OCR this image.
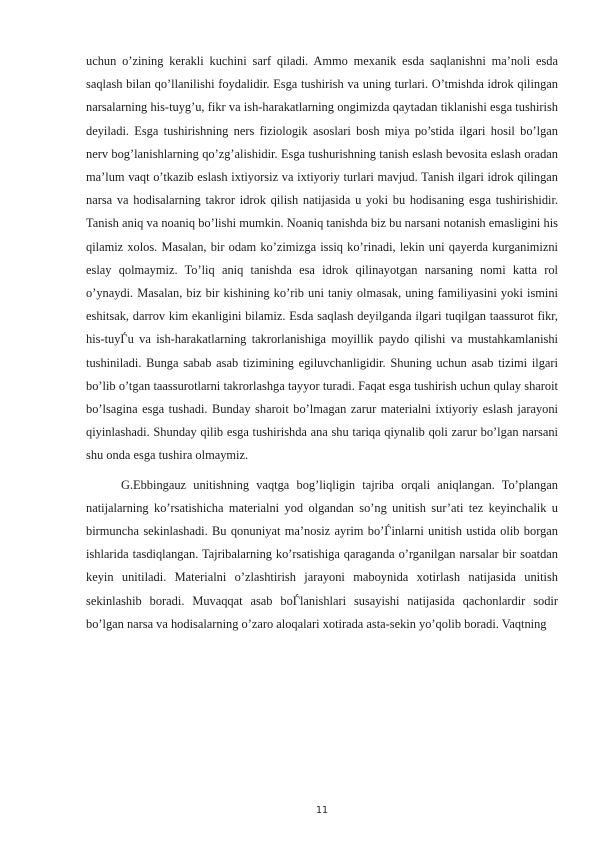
uchun o’zining kerakli kuchini sarf qiladi. Ammo mexanik esda saqlanishni ma’noli esda saqlash bilan qo’llanilishi foydalidir. Esga tushirish va uning turlari. O’tmishda idrok qilingan narsalarning his-tuyg’u, fikr va ish-harakatlarning ongimizda qaytadan tiklanishi esga tushirish deyiladi. Esga tushirishning ners fiziologik asoslari bosh miya po’stida ilgari hosil bo’lgan nerv bog’lanishlarning qo’zg’alishidir. Esga tushurishning tanish eslash bevosita eslash oradan ma’lum vaqt o’tkazib eslash ixtiyorsiz va ixtiyoriy turlari mavjud. Tanish ilgari idrok qilingan narsa va hodisalarning takror idrok qilish natijasida u yoki bu hodisaning esga tushirishidir. Tanish aniq va noaniq bo’lishi mumkin. Noaniq tanishda biz bu narsani notanish emasligini his qilamiz xolos. Masalan, bir odam ko’zimizga issiq ko’rinadi, lekin uni qayerda kurganimizni eslay qolmaymiz. To’liq aniq tanishda esa idrok qilinayotgan narsaning nomi katta rol o’ynaydi. Masalan, biz bir kishining ko’rib uni taniy olmasak, uning familiyasini yoki ismini eshitsak, darrov kim ekanligini bilamiz. Esda saqlash deyilganda ilgari tuqilgan taassurot fikr, his-tuyЃu va ish-harakatlarning takrorlanishiga moyillik paydo qilishi va mustahkamlanishi tushiniladi. Bunga sabab asab tizimining egiluvchanligidir. Shuning uchun asab tizimi ilgari bo’lib o’tgan taassurotlarni takrorlashga tayyor turadi. Faqat esga tushirish uchun qulay sharoit bo’lsagina esga tushadi. Bunday sharoit bo’lmagan zarur materialni ixtiyoriy eslash jarayoni qiyinlashadi. Shunday qilib esga tushirishda ana shu tariqa qiynalib qoli zarur bo’lgan narsani shu onda esga tushira olmaymiz.

G.Ebbingauz unitishning vaqtga bog’liqligin tajriba orqali aniqlangan. To’plangan natijalarning ko’rsatishicha materialni yod olgandan so’ng unitish sur’ati tez keyinchalik u birmuncha sekinlashadi. Bu qonuniyat ma’nosiz ayrim bo’Ѓinlarni unitish ustida olib borgan ishlarida tasdiqlangan. Tajribalarning ko’rsatishiga qaraganda o’rganilgan narsalar bir soatdan keyin unitiladi. Materialni o’zlashtirish jarayoni maboynida xotirlash natijasida unitish sekinlashib boradi. Muvaqqat asab boЃlanishlari susayishi natijasida qachonlardir sodir bo’lgan narsa va hodisalarning o’zaro aloqalari xotirada asta-sekin yo’qolib boradi. Vaqtning

11
